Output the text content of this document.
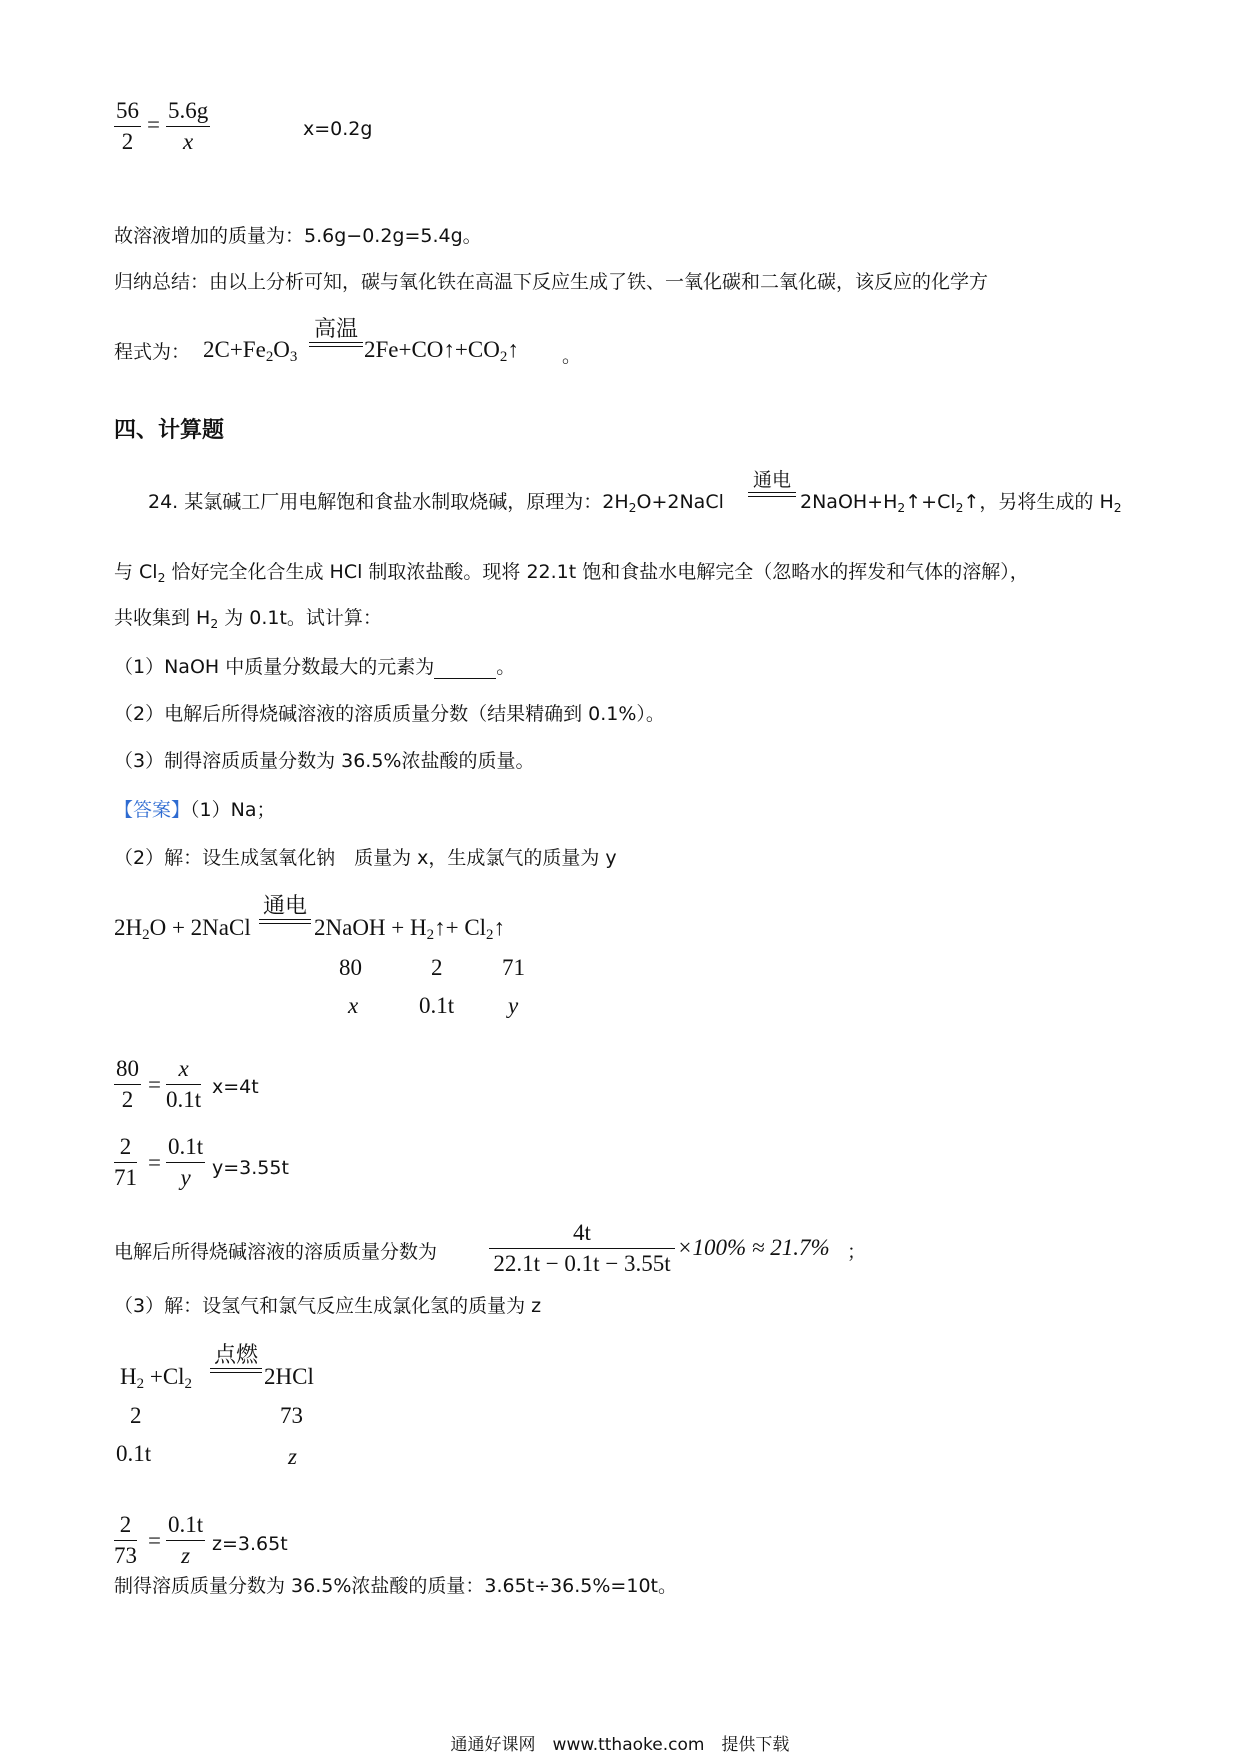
$\frac{56}{2} = \frac{5.6g}{x}$	x=0.2g
故溶液增加的质量为：5.6g−0.2g=5.4g。
归纳总结：由以上分析可知，碳与氧化铁在高温下反应生成了铁、一氧化碳和二氧化碳，该反应的化学方
程式为： $2C+Fe_2O_3$
高温
$2Fe+CO↑+CO_2↑$ 。
四、计算题
24. 某氯碱工厂用电解饱和食盐水制取烧碱，原理为：$2H_2O+2NaCl$
通电
$2NaOH+H_2↑+Cl_2↑$，另将生成的 $H_2$
与 $Cl_2$ 恰好完全化合生成 HCl 制取浓盐酸。现将 22.1t 饱和食盐水电解完全（忽略水的挥发和气体的溶解），
共收集到 $H_2$ 为 0.1t。试计算：
（1）NaOH 中质量分数最大的元素为	。
（2）电解后所得烧碱溶液的溶质质量分数（结果精确到 0.1%）。
（3）制得溶质质量分数为 36.5%浓盐酸的质量。
【答案】（1）Na；
（2）解：设生成氢氧化钠　质量为 x，生成氯气的质量为 y
$2H_2O$ + 2NaCl
通电
2NaOH + $H_2↑+$ $Cl_2↑$
80	2	71
x	0.1t y
$\frac{80}{2} = \frac{x}{0.1t} x=4t$
$\frac{2}{71} = \frac{0.1t}{y} y=3.55t$
电解后所得烧碱溶液的溶质质量分数为 $\frac{4t}{22.1t - 0.1t - 3.55t} \times 100\% \approx 21.7\%$ ；
（3）解：设氢气和氯气反应生成氯化氢的质量为 z
$H_2 +Cl_2$
点燃
2HCl
2	73
0.1t	z
$\frac{2}{73} = \frac{0.1t}{z} z=3.65t$
制得溶质质量分数为 36.5%浓盐酸的质量：3.65t÷36.5%=10t。
通通好课网　www.tthaoke.com　提供下载
